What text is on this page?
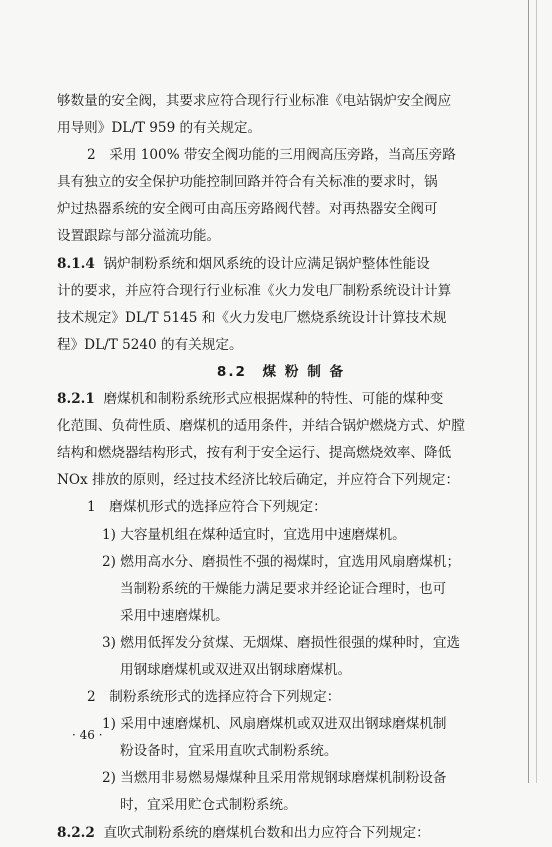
够数量的安全阀，其要求应符合现行行业标准《电站锅炉安全阀应
用导则》DL/T 959 的有关规定。
2　采用 100% 带安全阀功能的三用阀高压旁路，当高压旁路
具有独立的安全保护功能控制回路并符合有关标准的要求时，锅
炉过热器系统的安全阀可由高压旁路阀代替。对再热器安全阀可
设置跟踪与部分溢流功能。
8.1.4 锅炉制粉系统和烟风系统的设计应满足锅炉整体性能设
计的要求，并应符合现行行业标准《火力发电厂制粉系统设计计算
技术规定》DL/T 5145 和《火力发电厂燃烧系统设计计算技术规
程》DL/T 5240 的有关规定。
8.2　煤 粉 制 备
8.2.1 磨煤机和制粉系统形式应根据煤种的特性、可能的煤种变
化范围、负荷性质、磨煤机的适用条件，并结合锅炉燃烧方式、炉膛
结构和燃烧器结构形式，按有利于安全运行、提高燃烧效率、降低
NOx 排放的原则，经过技术经济比较后确定，并应符合下列规定：
1　磨煤机形式的选择应符合下列规定：
1) 大容量机组在煤种适宜时，宜选用中速磨煤机。
2) 燃用高水分、磨损性不强的褐煤时，宜选用风扇磨煤机；
当制粉系统的干燥能力满足要求并经论证合理时，也可
采用中速磨煤机。
3) 燃用低挥发分贫煤、无烟煤、磨损性很强的煤种时，宜选
用钢球磨煤机或双进双出钢球磨煤机。
2　制粉系统形式的选择应符合下列规定：
1) 采用中速磨煤机、风扇磨煤机或双进双出钢球磨煤机制
粉设备时，宜采用直吹式制粉系统。
2) 当燃用非易燃易爆煤种且采用常规钢球磨煤机制粉设备
时，宜采用贮仓式制粉系统。
8.2.2 直吹式制粉系统的磨煤机台数和出力应符合下列规定：
· 46 ·
